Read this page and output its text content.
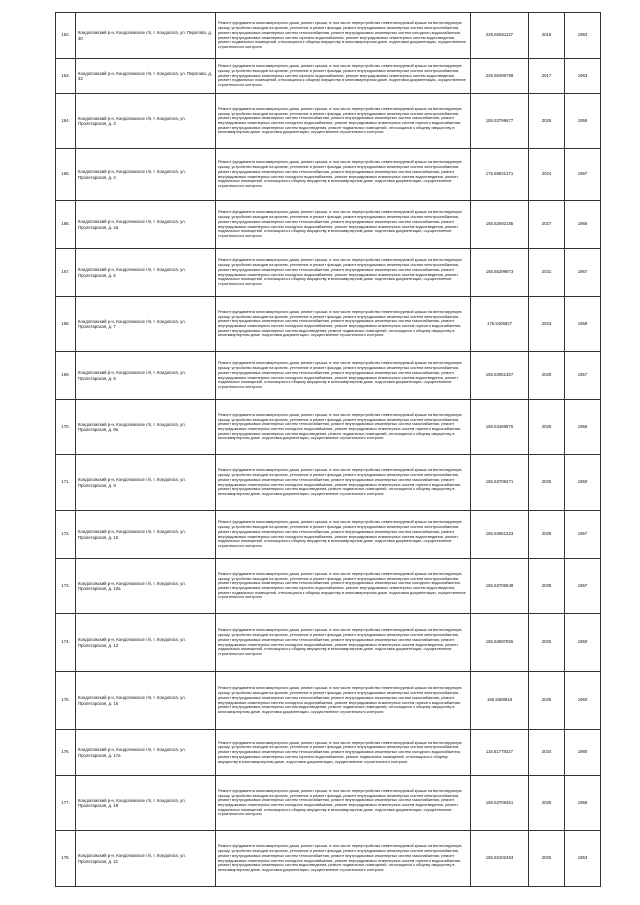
162.	Кондопожский р-н, Кондопожское г/п, г. Кондопога, ул. Пирогова, д. 30	Ремонт фундамента многоквартирного дома, ремонт крыши, в том числе переустройство невентилируемой крыши на вентилируемую крышу, устройство выходов на кровлю, утепление и ремонт фасада, ремонт внутридомовых инженерных систем электроснабжения, ремонт внутридомовых инженерных систем теплоснабжения, ремонт внутридомовых инженерных систем холодного водоснабжения, ремонт внутридомовых инженерных систем горячего водоснабжения, ремонт внутридомовых инженерных систем водоотведения, ремонт подвальных помещений, относящихся к общему имуществу в многоквартирном доме, подготовка документации, осуществление строительного контроля	225.56061137	2016	1963
163.	Кондопожский р-н, Кондопожское г/п, г. Кондопога, ул. Пирогова, д. 33	Ремонт фундамента многоквартирного дома, ремонт крыши, в том числе переустройство невентилируемой крыши на вентилируемую крышу, устройство выходов на кровлю, утепление и ремонт фасада, ремонт внутридомовых инженерных систем электроснабжения, ремонт внутридомовых инженерных систем горячего водоснабжения, ремонт внутридомовых инженерных систем водоотведения, ремонт подвальных помещений, относящихся к общему имуществу в многоквартирном доме, подготовка документации, осуществление строительного контроля	225.56496799	2017	1963
164.	Кондопожский р-н, Кондопожское г/п, г. Кондопога, ул. Пролетарская, д. 3	Ремонт фундамента многоквартирного дома, ремонт крыши, в том числе переустройство невентилируемой крыши на вентилируемую крышу, устройство выходов на кровлю, утепление и ремонт фасада, ремонт внутридомовых инженерных систем электроснабжения, ремонт внутридомовых инженерных систем теплоснабжения, ремонт внутридомовых инженерных систем газоснабжения, ремонт внутридомовых инженерных систем холодного водоснабжения, ремонт внутридомовых инженерных систем горячего водоснабжения, ремонт внутридомовых инженерных систем водоотведения, ремонт подвальных помещений, относящихся к общему имуществу в многоквартирном доме, подготовка документации, осуществление строительного контроля	155.53799677	2025	1959
165.	Кондопожский р-н, Кондопожское г/п, г. Кондопога, ул. Пролетарская, д. 4	Ремонт фундамента многоквартирного дома, ремонт крыши, в том числе переустройство невентилируемой крыши на вентилируемую крышу, устройство выходов на кровлю, утепление и ремонт фасада, ремонт внутридомовых инженерных систем электроснабжения, ремонт внутридомовых инженерных систем теплоснабжения, ремонт внутридомовых инженерных систем газоснабжения, ремонт внутридомовых инженерных систем холодного водоснабжения, ремонт внутридомовых инженерных систем водоотведения, ремонт подвальных помещений, относящихся к общему имуществу в многоквартирном доме, подготовка документации, осуществление строительного контроля	175.59831371	2024	1967
166.	Кондопожский р-н, Кондопожское г/п, г. Кондопога, ул. Пролетарская, д. 4а	Ремонт фундамента многоквартирного дома, ремонт крыши, в том числе переустройство невентилируемой крыши на вентилируемую крышу, устройство выходов на кровлю, утепление и ремонт фасада, ремонт внутридомовых инженерных систем электроснабжения, ремонт внутридомовых инженерных систем теплоснабжения, ремонт внутридомовых инженерных систем газоснабжения, ремонт внутридомовых инженерных систем холодного водоснабжения, ремонт внутридомовых инженерных систем водоотведения, ремонт подвальных помещений, относящихся к общему имуществу в многоквартирном доме, подготовка документации, осуществление строительного контроля	155.52692185	2027	1966
167.	Кондопожский р-н, Кондопожское г/п, г. Кондопога, ул. Пролетарская, д. 5	Ремонт фундамента многоквартирного дома, ремонт крыши, в том числе переустройство невентилируемой крыши на вентилируемую крышу, устройство выходов на кровлю, утепление и ремонт фасада, ремонт внутридомовых инженерных систем электроснабжения, ремонт внутридомовых инженерных систем теплоснабжения, ремонт внутридомовых инженерных систем газоснабжения, ремонт внутридомовых инженерных систем холодного водоснабжения, ремонт внутридомовых инженерных систем водоотведения, ремонт подвальных помещений, относящихся к общему имуществу в многоквартирном доме, подготовка документации, осуществление строительного контроля	155.55299873	2031	1967
168.	Кондопожский р-н, Кондопожское г/п, г. Кондопога, ул. Пролетарская, д. 7	Ремонт фундамента многоквартирного дома, ремонт крыши, в том числе переустройство невентилируемой крыши на вентилируемую крышу, устройство выходов на кровлю, утепление и ремонт фасада, ремонт внутридомовых инженерных систем электроснабжения, ремонт внутридомовых инженерных систем теплоснабжения, ремонт внутридомовых инженерных систем газоснабжения, ремонт внутридомовых инженерных систем холодного водоснабжения, ремонт внутридомовых инженерных систем горячего водоснабжения, ремонт внутридомовых инженерных систем водоотведения, ремонт подвальных помещений, относящихся к общему имуществу в многоквартирном доме, подготовка документации, осуществление строительного контроля	175.5406827	2023	1959
169.	Кондопожский р-н, Кондопожское г/п, г. Кондопога, ул. Пролетарская, д. 8	Ремонт фундамента многоквартирного дома, ремонт крыши, в том числе переустройство невентилируемой крыши на вентилируемую крышу, устройство выходов на кровлю, утепление и ремонт фасада, ремонт внутридомовых инженерных систем электроснабжения, ремонт внутридомовых инженерных систем теплоснабжения, ремонт внутридомовых инженерных систем газоснабжения, ремонт внутридомовых инженерных систем холодного водоснабжения, ремонт внутридомовых инженерных систем водоотведения, ремонт подвальных помещений, относящихся к общему имуществу в многоквартирном доме, подготовка документации, осуществление строительного контроля	155.53061357	2029	1957
170.	Кондопожский р-н, Кондопожское г/п, г. Кондопога, ул. Пролетарская, д. 8а	Ремонт фундамента многоквартирного дома, ремонт крыши, в том числе переустройство невентилируемой крыши на вентилируемую крышу, устройство выходов на кровлю, утепление и ремонт фасада, ремонт внутридомовых инженерных систем электроснабжения, ремонт внутридомовых инженерных систем теплоснабжения, ремонт внутридомовых инженерных систем газоснабжения, ремонт внутридомовых инженерных систем холодного водоснабжения, ремонт внутридомовых инженерных систем горячего водоснабжения, ремонт внутридомовых инженерных систем водоотведения, ремонт подвальных помещений, относящихся к общему имуществу в многоквартирном доме, подготовка документации, осуществление строительного контроля	155.53469876	2026	1966
171.	Кондопожский р-н, Кондопожское г/п, г. Кондопога, ул. Пролетарская, д. 9	Ремонт фундамента многоквартирного дома, ремонт крыши, в том числе переустройство невентилируемой крыши на вентилируемую крышу, устройство выходов на кровлю, утепление и ремонт фасада, ремонт внутридомовых инженерных систем электроснабжения, ремонт внутридомовых инженерных систем теплоснабжения, ремонт внутридомовых инженерных систем газоснабжения, ремонт внутридомовых инженерных систем холодного водоснабжения, ремонт внутридомовых инженерных систем горячего водоснабжения, ремонт внутридомовых инженерных систем водоотведения, ремонт подвальных помещений, относящихся к общему имуществу в многоквартирном доме, подготовка документации, осуществление строительного контроля	155.53708471	2025	1960
172.	Кондопожский р-н, Кондопожское г/п, г. Кондопога, ул. Пролетарская, д. 10	Ремонт фундамента многоквартирного дома, ремонт крыши, в том числе переустройство невентилируемой крыши на вентилируемую крышу, устройство выходов на кровлю, утепление и ремонт фасада, ремонт внутридомовых инженерных систем электроснабжения, ремонт внутридомовых инженерных систем теплоснабжения, ремонт внутридомовых инженерных систем газоснабжения, ремонт внутридомовых инженерных систем холодного водоснабжения, ремонт внутридомовых инженерных систем водоотведения, ремонт подвальных помещений, относящихся к общему имуществу в многоквартирном доме, подготовка документации, осуществление строительного контроля	155.53061223	2029	1957
173.	Кондопожский р-н, Кондопожское г/п, г. Кондопога, ул. Пролетарская, д. 10а	Ремонт фундамента многоквартирного дома, ремонт крыши, в том числе переустройство невентилируемой крыши на вентилируемую крышу, устройство выходов на кровлю, утепление и ремонт фасада, ремонт внутридомовых инженерных систем электроснабжения, ремонт внутридомовых инженерных систем теплоснабжения, ремонт внутридомовых инженерных систем холодного водоснабжения, ремонт внутридомовых инженерных систем горячего водоснабжения, ремонт внутридомовых инженерных систем водоотведения, ремонт подвальных помещений, относящихся к общему имуществу в многоквартирном доме, подготовка документации, осуществление строительного контроля	155.53706848	2028	1967
174.	Кондопожский р-н, Кондопожское г/п, г. Кондопога, ул. Пролетарская, д. 13	Ремонт фундамента многоквартирного дома, ремонт крыши, в том числе переустройство невентилируемой крыши на вентилируемую крышу, устройство выходов на кровлю, утепление и ремонт фасада, ремонт внутридомовых инженерных систем электроснабжения, ремонт внутридомовых инженерных систем теплоснабжения, ремонт внутридомовых инженерных систем газоснабжения, ремонт внутридомовых инженерных систем холодного водоснабжения, ремонт внутридомовых инженерных систем водоотведения, ремонт подвальных помещений, относящихся к общему имуществу в многоквартирном доме, подготовка документации, осуществление строительного контроля	155.53697865	2026	1960
175.	Кондопожский р-н, Кондопожское г/п, г. Кондопога, ул. Пролетарская, д. 16	Ремонт фундамента многоквартирного дома, ремонт крыши, в том числе переустройство невентилируемой крыши на вентилируемую крышу, устройство выходов на кровлю, утепление и ремонт фасада, ремонт внутридомовых инженерных систем электроснабжения, ремонт внутридомовых инженерных систем теплоснабжения, ремонт внутридомовых инженерных систем газоснабжения, ремонт внутридомовых инженерных систем холодного водоснабжения, ремонт внутридомовых инженерных систем горячего водоснабжения, ремонт внутридомовых инженерных систем водоотведения, ремонт подвальных помещений, относящихся к общему имуществу в многоквартирном доме, подготовка документации, осуществление строительного контроля	155.5369818	2025	1960
176.	Кондопожский р-н, Кондопожское г/п, г. Кондопога, ул. Пролетарская, д. 17а	Ремонт фундамента многоквартирного дома, ремонт крыши, в том числе переустройство невентилируемой крыши на вентилируемую крышу, устройство выходов на кровлю, утепление и ремонт фасада, ремонт внутридомовых инженерных систем электроснабжения, ремонт внутридомовых инженерных систем теплоснабжения, ремонт внутридомовых инженерных систем холодного водоснабжения, ремонт внутридомовых инженерных систем горячего водоснабжения, ремонт подвальных помещений, относящихся к общему имуществу в многоквартирном доме, подготовка документации, осуществление строительного контроля	115.51778327	2034	1980
177.	Кондопожский р-н, Кондопожское г/п, г. Кондопога, ул. Пролетарская, д. 18	Ремонт фундамента многоквартирного дома, ремонт крыши, в том числе переустройство невентилируемой крыши на вентилируемую крышу, устройство выходов на кровлю, утепление и ремонт фасада, ремонт внутридомовых инженерных систем электроснабжения, ремонт внутридомовых инженерных систем теплоснабжения, ремонт внутридомовых инженерных систем газоснабжения, ремонт внутридомовых инженерных систем холодного водоснабжения, ремонт внутридомовых инженерных систем водоотведения, ремонт подвальных помещений, относящихся к общему имуществу в многоквартирном доме, подготовка документации, осуществление строительного контроля	155.53708461	2025	1958
178.	Кондопожский р-н, Кондопожское г/п, г. Кондопога, ул. Пролетарская, д. 21	Ремонт фундамента многоквартирного дома, ремонт крыши, в том числе переустройство невентилируемой крыши на вентилируемую крышу, устройство выходов на кровлю, утепление и ремонт фасада, ремонт внутридомовых инженерных систем электроснабжения, ремонт внутридомовых инженерных систем теплоснабжения, ремонт внутридомовых инженерных систем газоснабжения, ремонт внутридомовых инженерных систем холодного водоснабжения, ремонт внутридомовых инженерных систем горячего водоснабжения, ремонт внутридомовых инженерных систем водоотведения, ремонт подвальных помещений, относящихся к общему имуществу в многоквартирном доме, подготовка документации, осуществление строительного контроля	155.53102463	2026	1953
